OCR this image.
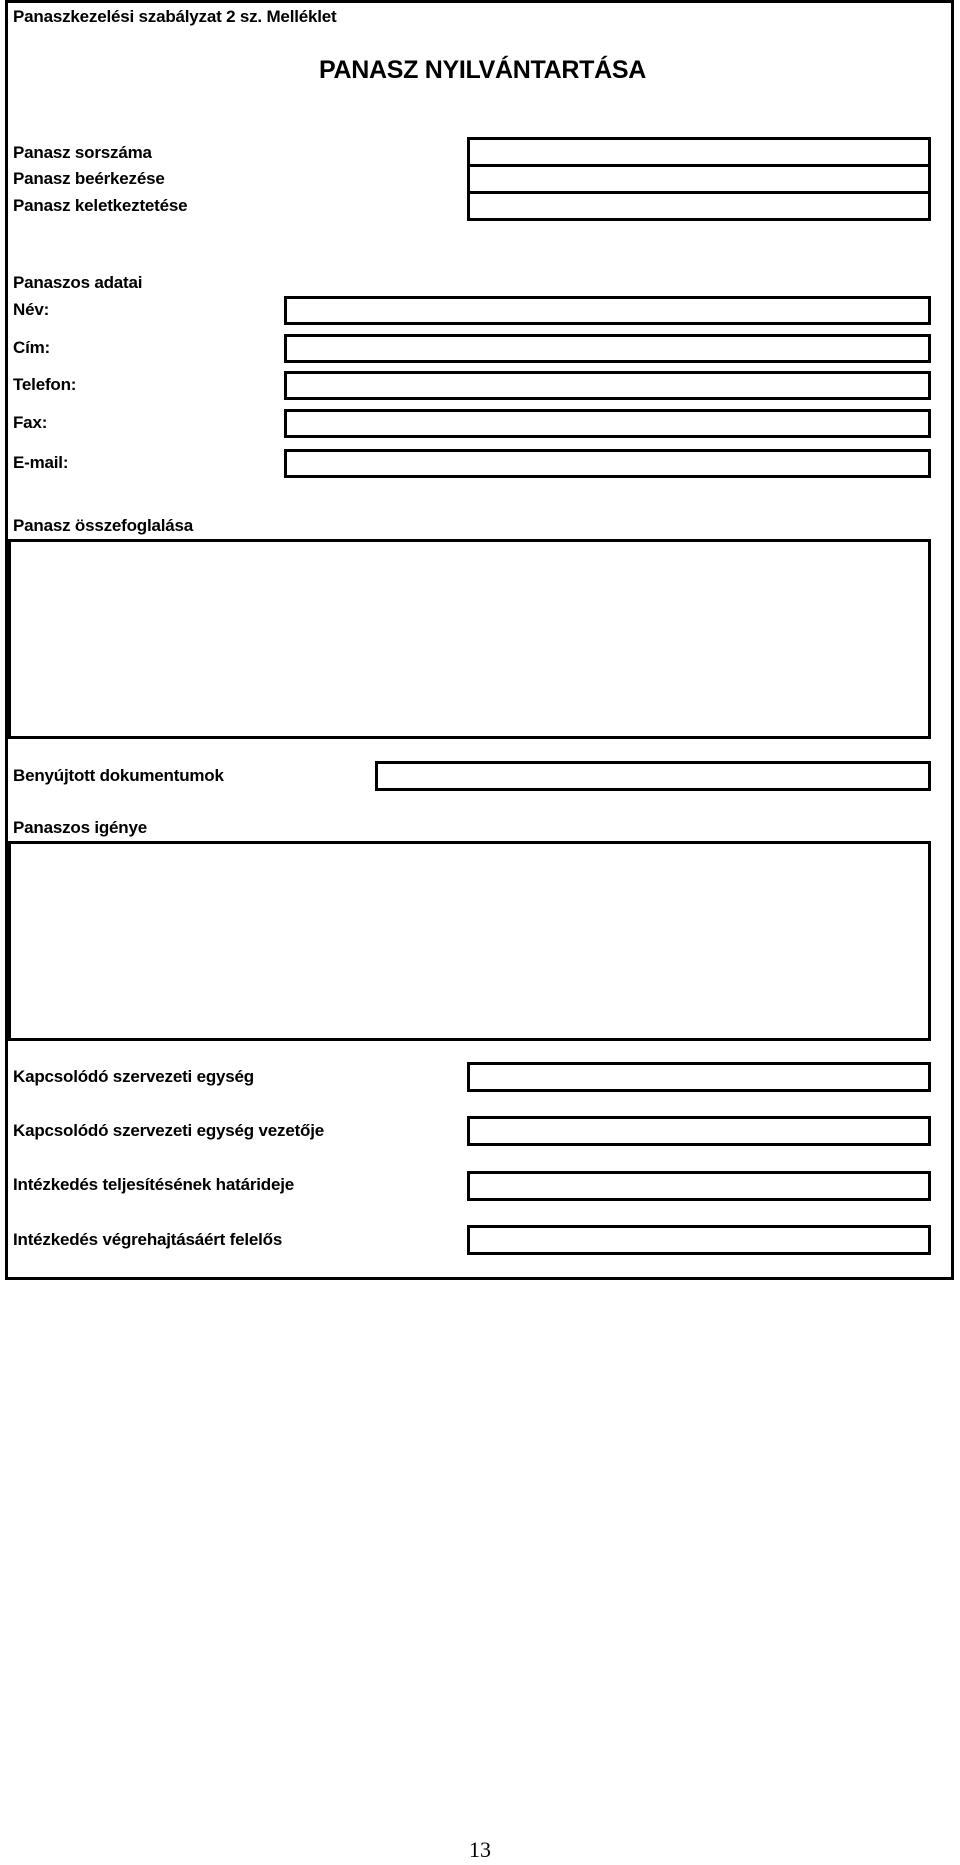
Panaszkezelési szabályzat 2 sz. Melléklet
PANASZ NYILVÁNTARTÁSA
Panasz sorszáma
Panasz beérkezése
Panasz keletkeztetése
Panaszos adatai
Név:
Cím:
Telefon:
Fax:
E-mail:
Panasz összefoglalása
Benyújtott dokumentumok
Panaszos igénye
Kapcsolódó szervezeti egység
Kapcsolódó szervezeti egység vezetője
Intézkedés teljesítésének határideje
Intézkedés végrehajtásáért felelős
13
